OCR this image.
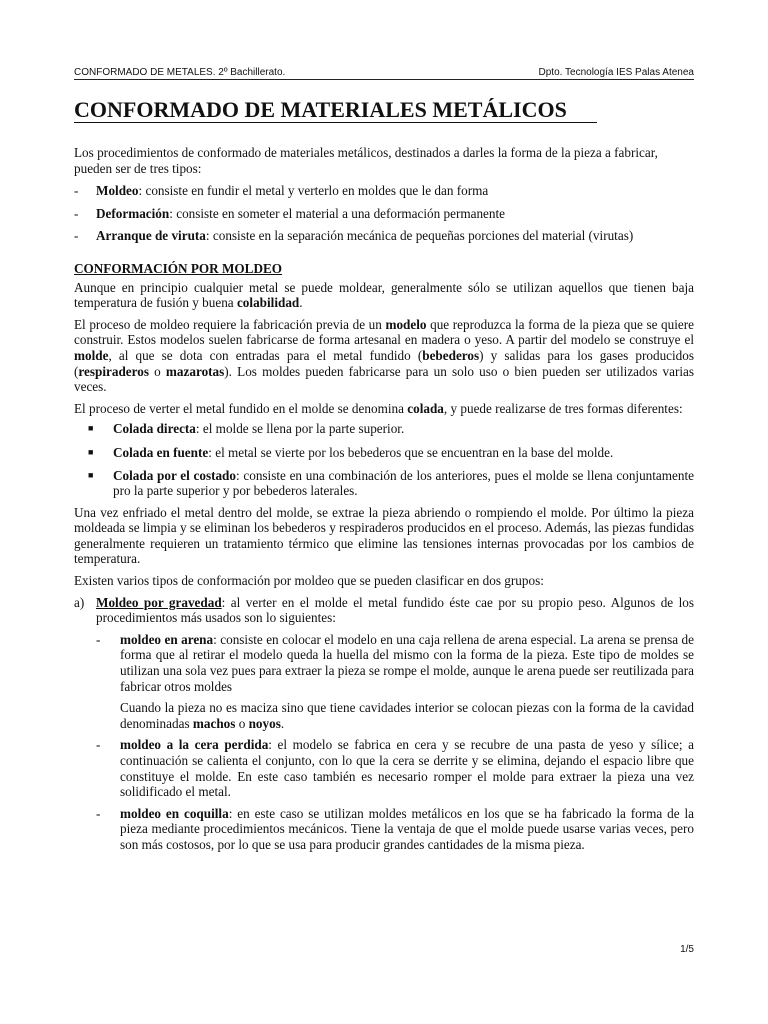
CONFORMADO DE METALES. 2º Bachillerato.	Dpto. Tecnología IES Palas Atenea
CONFORMADO DE MATERIALES METÁLICOS

Los procedimientos de conformado de materiales metálicos, destinados a darles la forma de la pieza a fabricar, pueden ser de tres tipos:

-	Moldeo: consiste en fundir el metal y verterlo en moldes que le dan forma
-	Deformación: consiste en someter el material a una deformación permanente
-	Arranque de viruta: consiste en la separación mecánica de pequeñas porciones del material (virutas)
CONFORMACIÓN POR MOLDEO

Aunque en principio cualquier metal se puede moldear, generalmente sólo se utilizan aquellos que tienen baja temperatura de fusión y buena colabilidad.

El proceso de moldeo requiere la fabricación previa de un modelo que reproduzca la forma de la pieza que se quiere construir. Estos modelos suelen fabricarse de forma artesanal en madera o yeso. A partir del modelo se construye el molde, al que se dota con entradas para el metal fundido (bebederos) y salidas para los gases producidos (respiraderos o mazarotas). Los moldes pueden fabricarse para un solo uso o bien pueden ser utilizados varias veces.

El proceso de verter el metal fundido en el molde se denomina colada, y puede realizarse de tres formas diferentes:

■	Colada directa: el molde se llena por la parte superior.
■	Colada en fuente: el metal se vierte por los bebederos que se encuentran en la base del molde.
■	Colada por el costado: consiste en una combinación de los anteriores, pues el molde se llena conjuntamente pro la parte superior y por bebederos laterales.

Una vez enfriado el metal dentro del molde, se extrae la pieza abriendo o rompiendo el molde. Por último la pieza moldeada se limpia y se eliminan los bebederos y respiraderos producidos en el proceso. Además, las piezas fundidas generalmente requieren un tratamiento térmico que elimine las tensiones internas provocadas por los cambios de temperatura.

Existen varios tipos de conformación por moldeo que se pueden clasificar en dos grupos:

a) Moldeo por gravedad: al verter en el molde el metal fundido éste cae por su propio peso. Algunos de los procedimientos más usados son lo siguientes:
-	moldeo en arena: consiste en colocar el modelo en una caja rellena de arena especial. La arena se prensa de forma que al retirar el modelo queda la huella del mismo con la forma de la pieza. Este tipo de moldes se utilizan una sola vez pues para extraer la pieza se rompe el molde, aunque le arena puede ser reutilizada para fabricar otros moldes

Cuando la pieza no es maciza sino que tiene cavidades interior se colocan piezas con la forma de la cavidad denominadas machos o noyos.

-	moldeo a la cera perdida: el modelo se fabrica en cera y se recubre de una pasta de yeso y sílice; a continuación se calienta el conjunto, con lo que la cera se derrite y se elimina, dejando el espacio libre que constituye el molde. En este caso también es necesario romper el molde para extraer la pieza una vez solidificado el metal.
-	moldeo en coquilla: en este caso se utilizan moldes metálicos en los que se ha fabricado la forma de la pieza mediante procedimientos mecánicos. Tiene la ventaja de que el molde puede usarse varias veces, pero son más costosos, por lo que se usa para producir grandes cantidades de la misma pieza.
1/5
